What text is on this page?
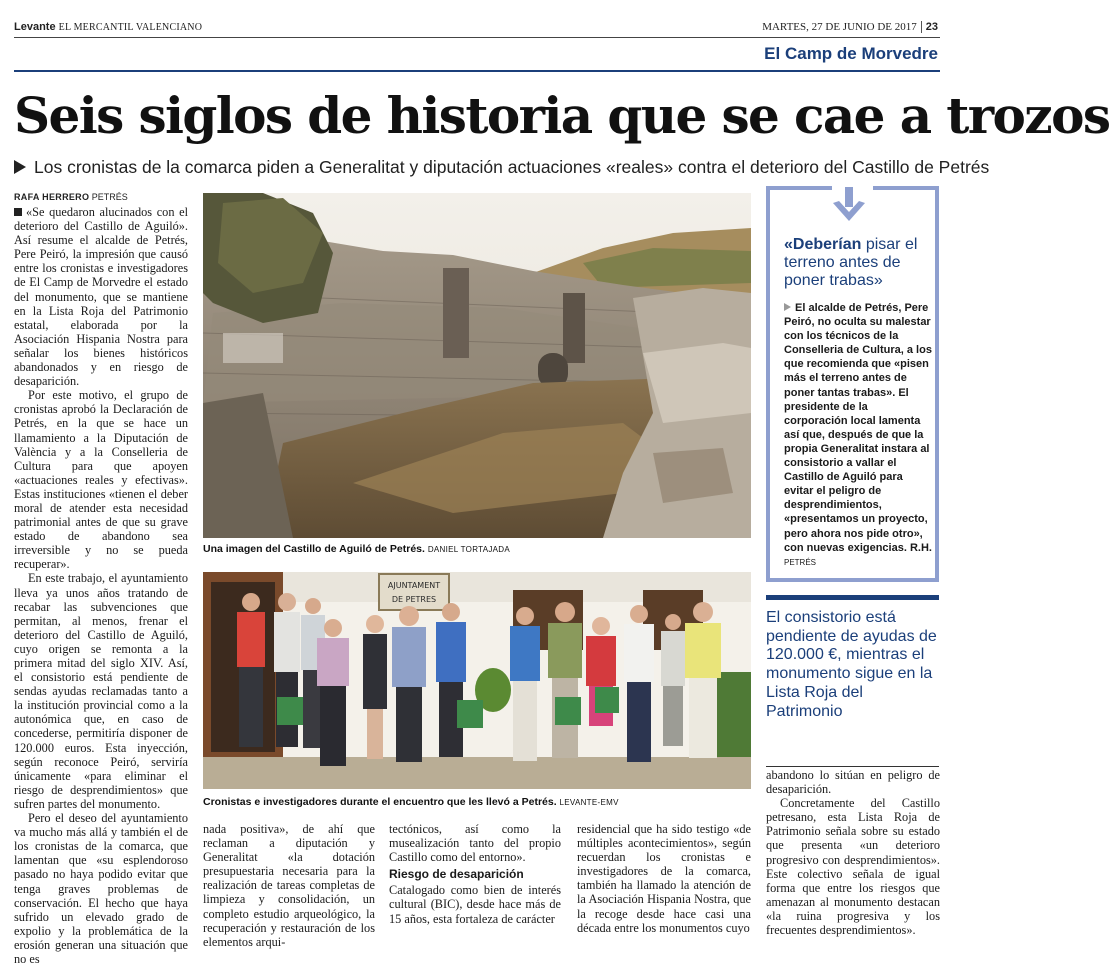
Levante EL MERCANTIL VALENCIANO	MARTES, 27 DE JUNIO DE 2017 23
El Camp de Morvedre
Seis siglos de historia que se cae a trozos
Los cronistas de la comarca piden a Generalitat y diputación actuaciones «reales» contra el deterioro del Castillo de Petrés
RAFA HERRERO PETRÉS

«Se quedaron alucinados con el deterioro del Castillo de Aguiló». Así resume el alcalde de Petrés, Pere Peiró, la impresión que causó entre los cronistas e investigadores de El Camp de Morvedre el estado del monumento, que se mantiene en la Lista Roja del Patrimonio estatal, elaborada por la Asociación Hispania Nostra para señalar los bienes históricos abandonados y en riesgo de desaparición.

Por este motivo, el grupo de cronistas aprobó la Declaración de Petrés, en la que se hace un llamamiento a la Diputación de València y a la Conselleria de Cultura para que apoyen «actuaciones reales y efectivas». Estas instituciones «tienen el deber moral de atender esta necesidad patrimonial antes de que su grave estado de abandono sea irreversible y no se pueda recuperar».

En este trabajo, el ayuntamiento lleva ya unos años tratando de recabar las subvenciones que permitan, al menos, frenar el deterioro del Castillo de Aguiló, cuyo origen se remonta a la primera mitad del siglo XIV. Así, el consistorio está pendiente de sendas ayudas reclamadas tanto a la institución provincial como a la autonómica que, en caso de concederse, permitiría disponer de 120.000 euros. Esta inyección, según reconoce Peiró, serviría únicamente «para eliminar el riesgo de desprendimientos» que sufren partes del monumento.

Pero el deseo del ayuntamiento va mucho más allá y también el de los cronistas de la comarca, que lamentan que «su esplendoroso pasado no haya podido evitar que tenga graves problemas de conservación. El hecho que haya sufrido un elevado grado de expolio y la problemática de la erosión generan una situación que no es

Una imagen del Castillo de Aguiló de Petrés. DANIEL TORTAJADA
AJUNTAMENT
DE PETRES
Cronistas e investigadores durante el encuentro que les llevó a Petrés. LEVANTE-EMV

nada positiva», de ahí que reclaman a diputación y Generalitat «la dotación presupuestaria necesaria para la realización de tareas completas de limpieza y consolidación, un completo estudio arqueológico, la recuperación y restauración de los elementos arqui-

tectónicos, así como la musealización tanto del propio Castillo como del entorno».

Riesgo de desaparición

Catalogado como bien de interés cultural (BIC), desde hace más de 15 años, esta fortaleza de carácter

residencial que ha sido testigo «de múltiples acontecimientos», según recuerdan los cronistas e investigadores de la comarca, también ha llamado la atención de la Asociación Hispania Nostra, que la recoge desde hace casi una década entre los monumentos cuyo

«Deberían pisar el terreno antes de poner trabas»
El alcalde de Petrés, Pere Peiró, no oculta su malestar con los técnicos de la Conselleria de Cultura, a los que recomienda que «pisen más el terreno antes de poner tantas trabas». El presidente de la corporación local lamenta así que, después de que la propia Generalitat instara al consistorio a vallar el Castillo de Aguiló para evitar el peligro de desprendimientos, «presentamos un proyecto, pero ahora nos pide otro», con nuevas exigencias. R.H. PETRÉS
El consistorio está pendiente de ayudas de 120.000 €, mientras el monumento sigue en la Lista Roja del Patrimonio

abandono lo sitúan en peligro de desaparición.

Concretamente del Castillo petresano, esta Lista Roja de Patrimonio señala sobre su estado que presenta «un deterioro progresivo con desprendimientos». Este colectivo señala de igual forma que entre los riesgos que amenazan al monumento destacan «la ruina progresiva y los frecuentes desprendimientos».
